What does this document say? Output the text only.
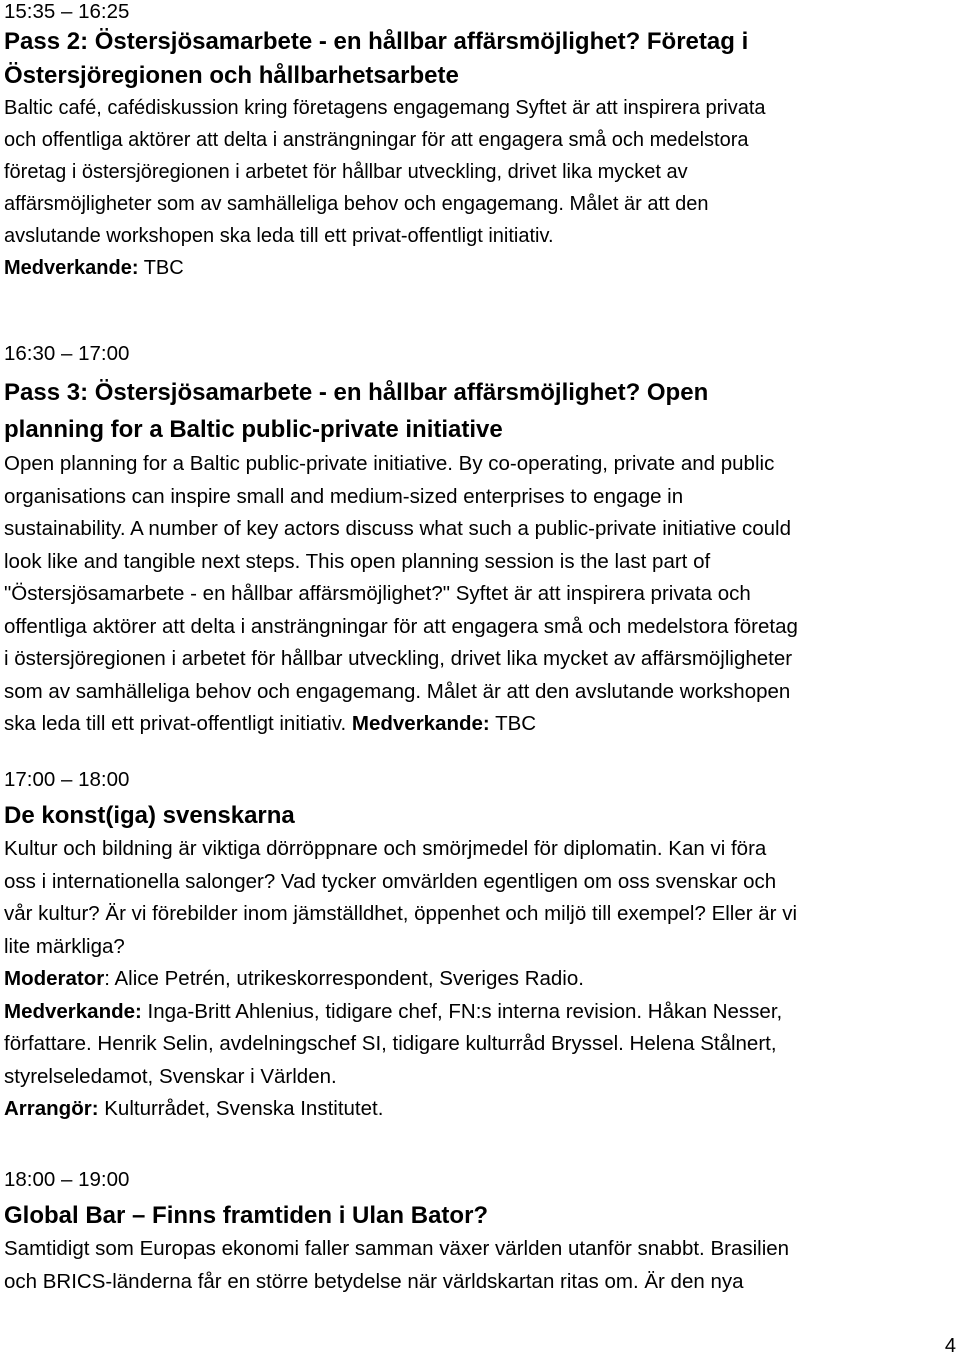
15:35 – 16:25
Pass 2: Östersjösamarbete - en hållbar affärsmöjlighet? Företag i
Östersjöregionen och hållbarhetsarbete
Baltic café, cafédiskussion kring företagens engagemang Syftet är att inspirera privata
och offentliga aktörer att delta i ansträngningar för att engagera små och medelstora
företag i östersjöregionen i arbetet för hållbar utveckling, drivet lika mycket av
affärsmöjligheter som av samhälleliga behov och engagemang. Målet är att den
avslutande workshopen ska leda till ett privat-offentligt initiativ.
Medverkande: TBC
16:30 – 17:00
Pass 3: Östersjösamarbete - en hållbar affärsmöjlighet? Open
planning for a Baltic public-private initiative
Open planning for a Baltic public-private initiative. By co-operating, private and public
organisations can inspire small and medium-sized enterprises to engage in
sustainability. A number of key actors discuss what such a public-private initiative could
look like and tangible next steps. This open planning session is the last part of
"Östersjösamarbete - en hållbar affärsmöjlighet?" Syftet är att inspirera privata och
offentliga aktörer att delta i ansträngningar för att engagera små och medelstora företag
i östersjöregionen i arbetet för hållbar utveckling, drivet lika mycket av affärsmöjligheter
som av samhälleliga behov och engagemang. Målet är att den avslutande workshopen
ska leda till ett privat-offentligt initiativ. Medverkande: TBC
17:00 – 18:00
De konst(iga) svenskarna
Kultur och bildning är viktiga dörröppnare och smörjmedel för diplomatin. Kan vi föra
oss i internationella salonger? Vad tycker omvärlden egentligen om oss svenskar och
vår kultur? Är vi förebilder inom jämställdhet, öppenhet och miljö till exempel? Eller är vi
lite märkliga?
Moderator: Alice Petrén, utrikeskorrespondent, Sveriges Radio.
Medverkande: Inga-Britt Ahlenius, tidigare chef, FN:s interna revision. Håkan Nesser,
författare. Henrik Selin, avdelningschef SI, tidigare kulturråd Bryssel. Helena Stålnert,
styrelseledamot, Svenskar i Världen.
Arrangör: Kulturrådet, Svenska Institutet.
18:00 – 19:00
Global Bar – Finns framtiden i Ulan Bator?
Samtidigt som Europas ekonomi faller samman växer världen utanför snabbt. Brasilien
och BRICS-länderna får en större betydelse när världskartan ritas om. Är den nya
4
